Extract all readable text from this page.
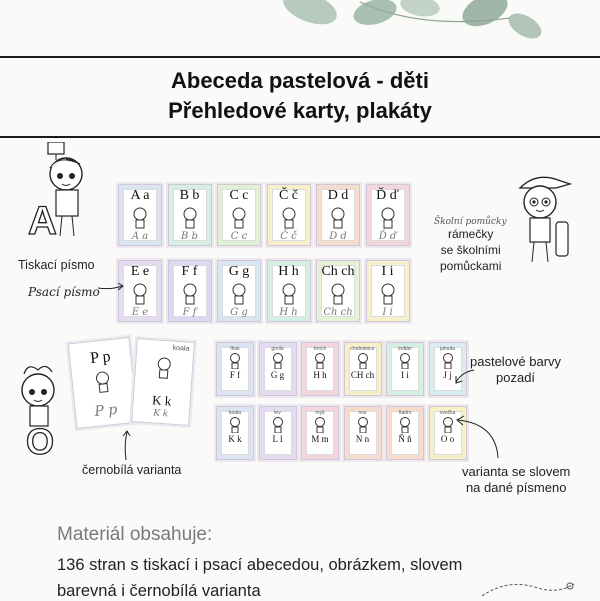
Abeceda pastelová - děti
Přehledové karty, plakáty
A
A a
A a
B b
B b
C c
C c
Č č
Č č
D d
D d
Ď ď
Ď ď
E e
E e
F f
F f
G g
G g
H h
H h
Ch ch
Ch ch
I i
I i
Tiskací písmo
Psací písmo
Školní pomůcky
rámečky
se školními
pomůckami
O
P p
P p
koala
K k
K k
černobílá varianta
fňuk
F f
gorila
G g
hroch
H h
chobotnice
CH ch
indián
I i
jahoda
J j
koala
K k
lev
L l
myš
M m
nos
N n
ňadro
Ň ň
ovečka
O o
pastelové barvy
pozadí
varianta se slovem
na dané písmeno
Materiál obsahuje:
136 stran s tiskací i psací abecedou, obrázkem, slovem
barevná i černobílá varianta
